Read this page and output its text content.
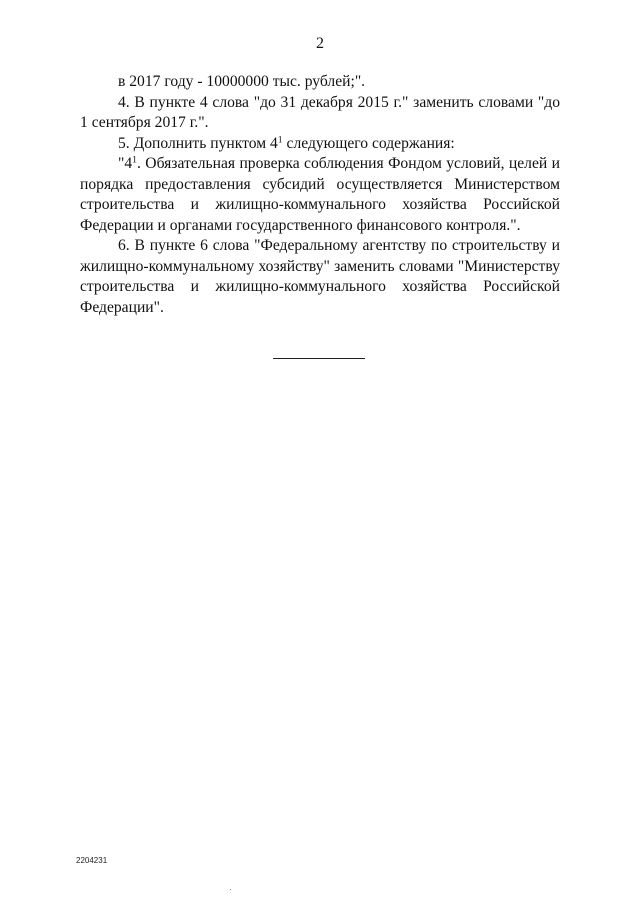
2

в 2017 году - 10000000 тыс. рублей;".

4. В пункте 4 слова "до 31 декабря 2015 г." заменить словами "до 1 сентября 2017 г.".

5. Дополнить пунктом $4^1$ следующего содержания:

"$4^1$. Обязательная проверка соблюдения Фондом условий, целей и порядка предоставления субсидий осуществляется Министерством строительства и жилищно-коммунального хозяйства Российской Федерации и органами государственного финансового контроля.".

6. В пункте 6 слова "Федеральному агентству по строительству и жилищно-коммунальному хозяйству" заменить словами "Министерству строительства и жилищно-коммунального хозяйства Российской Федерации".

2204231
